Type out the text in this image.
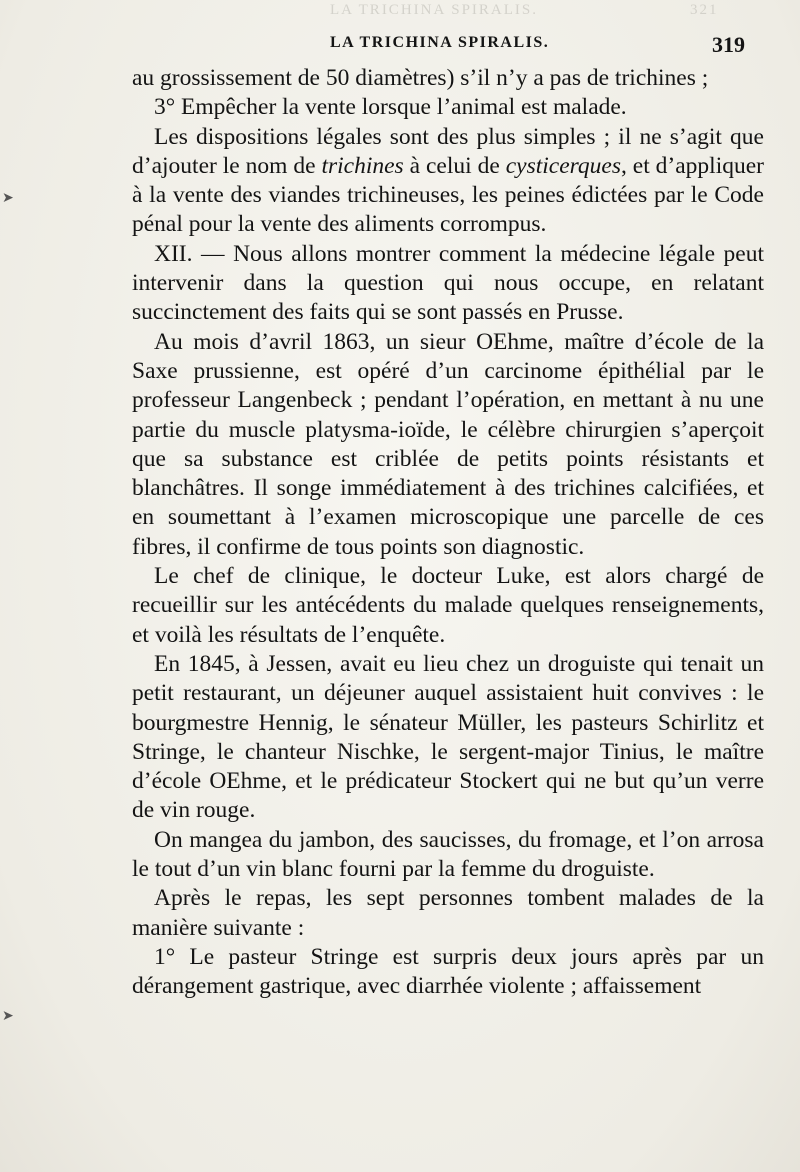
LA TRICHINA SPIRALIS.	321
LA TRICHINA SPIRALIS.	319
➤
➤

au grossissement de 50 diamètres) s’il n’y a pas de trichines ;

3° Empêcher la vente lorsque l’animal est malade.

Les dispositions légales sont des plus simples ; il ne s’agit que d’ajouter le nom de trichines à celui de cysticerques, et d’appliquer à la vente des viandes trichineuses, les peines édictées par le Code pénal pour la vente des aliments corrompus.

XII. — Nous allons montrer comment la médecine légale peut intervenir dans la question qui nous occupe, en relatant succinctement des faits qui se sont passés en Prusse.

Au mois d’avril 1863, un sieur OEhme, maître d’école de la Saxe prussienne, est opéré d’un carcinome épithélial par le professeur Langenbeck ; pendant l’opération, en mettant à nu une partie du muscle platysma-ioïde, le célèbre chirurgien s’aperçoit que sa substance est criblée de petits points résistants et blanchâtres. Il songe immédiatement à des trichines calcifiées, et en soumettant à l’examen microscopique une parcelle de ces fibres, il confirme de tous points son diagnostic.

Le chef de clinique, le docteur Luke, est alors chargé de recueillir sur les antécédents du malade quelques renseignements, et voilà les résultats de l’enquête.

En 1845, à Jessen, avait eu lieu chez un droguiste qui tenait un petit restaurant, un déjeuner auquel assistaient huit convives : le bourgmestre Hennig, le sénateur Müller, les pasteurs Schirlitz et Stringe, le chanteur Nischke, le sergent-major Tinius, le maître d’école OEhme, et le prédicateur Stockert qui ne but qu’un verre de vin rouge.

On mangea du jambon, des saucisses, du fromage, et l’on arrosa le tout d’un vin blanc fourni par la femme du droguiste.

Après le repas, les sept personnes tombent malades de la manière suivante :

1° Le pasteur Stringe est surpris deux jours après par un dérangement gastrique, avec diarrhée violente ; affaissement
